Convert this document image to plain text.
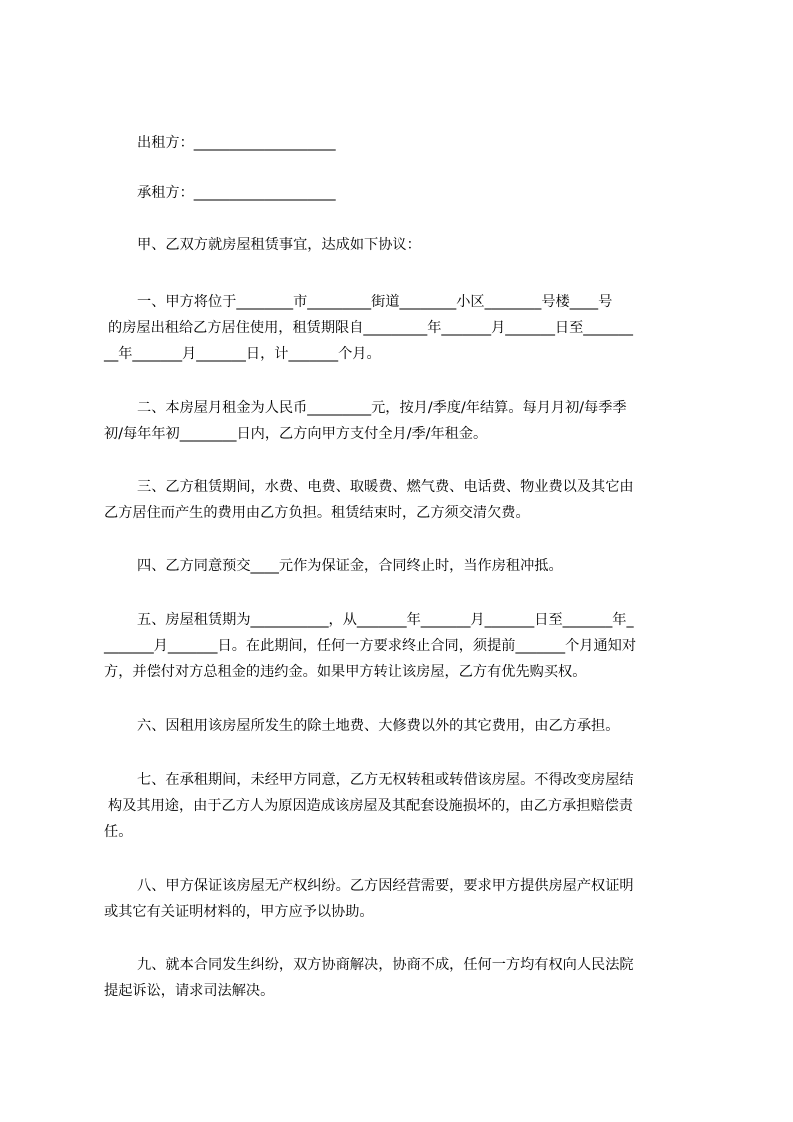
出租方：____________________
承租方：____________________
甲、乙双方就房屋租赁事宜，达成如下协议：
一、甲方将位于________市_________街道________小区________号楼____号
的房屋出租给乙方居住使用，租赁期限自_________年_______月_______日至_______
__年_______月_______日，计_______个月。
二、本房屋月租金为人民币_________元，按月/季度/年结算。每月月初/每季季
初/每年年初________日内，乙方向甲方支付全月/季/年租金。
三、乙方租赁期间，水费、电费、取暖费、燃气费、电话费、物业费以及其它由
乙方居住而产生的费用由乙方负担。租赁结束时，乙方须交清欠费。
四、乙方同意预交____元作为保证金，合同终止时，当作房租冲抵。
五、房屋租赁期为___________，从_______年_______月_______日至_______年_
_______月_______日。在此期间，任何一方要求终止合同，须提前_______个月通知对
方，并偿付对方总租金的违约金。如果甲方转让该房屋，乙方有优先购买权。
六、因租用该房屋所发生的除土地费、大修费以外的其它费用，由乙方承担。
七、在承租期间，未经甲方同意，乙方无权转租或转借该房屋。不得改变房屋结
构及其用途，由于乙方人为原因造成该房屋及其配套设施损坏的，由乙方承担赔偿责
任。
八、甲方保证该房屋无产权纠纷。乙方因经营需要，要求甲方提供房屋产权证明
或其它有关证明材料的，甲方应予以协助。
九、就本合同发生纠纷，双方协商解决，协商不成，任何一方均有权向人民法院
提起诉讼，请求司法解决。
